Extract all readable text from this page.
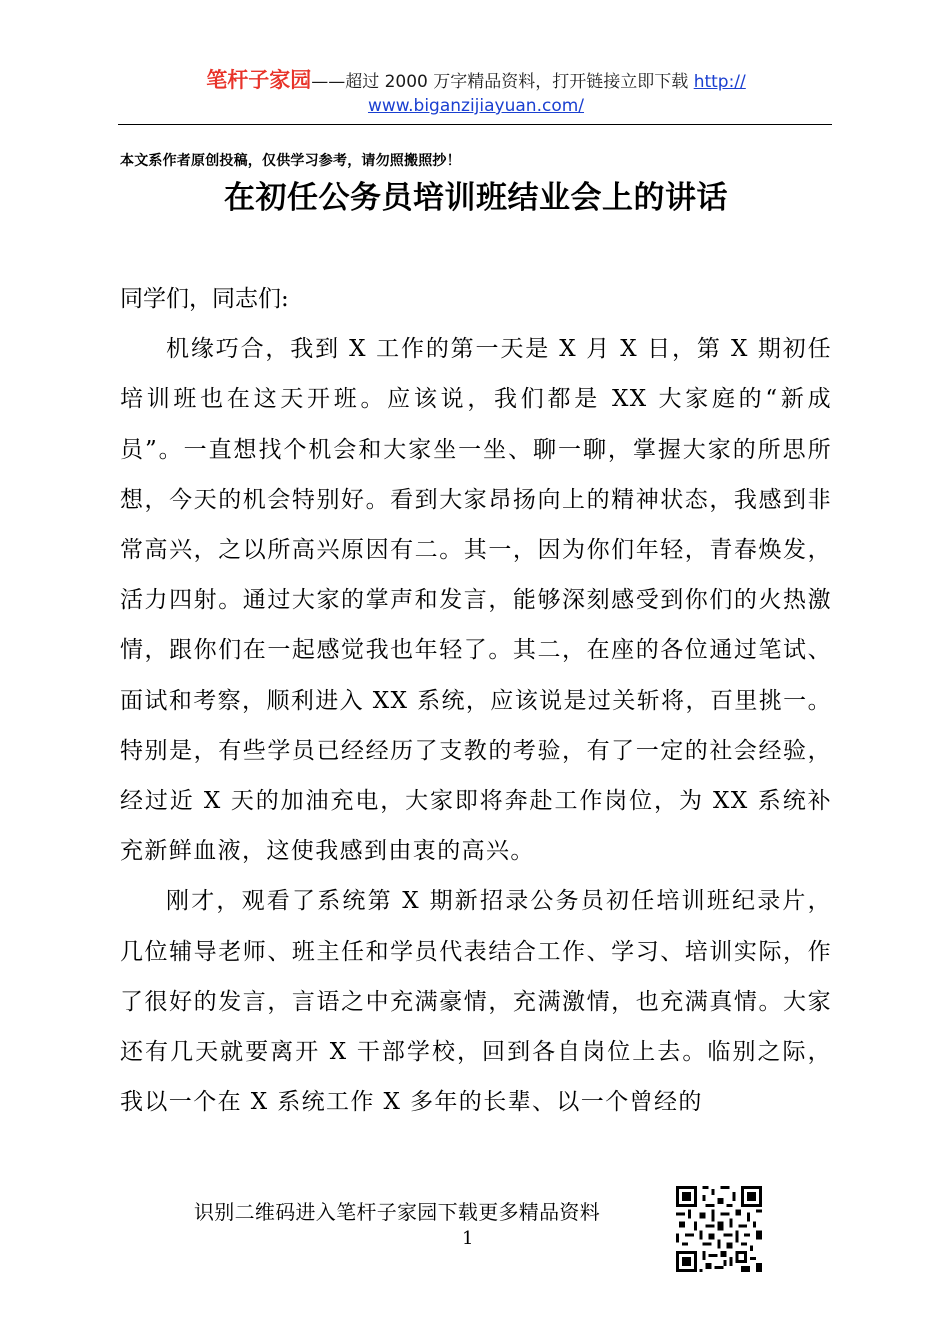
笔杆子家园——超过 2000 万字精品资料，打开链接立即下载 http://
www.biganzijiayuan.com/
本文系作者原创投稿，仅供学习参考，请勿照搬照抄！
在初任公务员培训班结业会上的讲话

同学们，同志们:

机缘巧合，我到 X 工作的第一天是 X 月 X 日，第 X 期初任培训班也在这天开班。应该说，我们都是 XX 大家庭的“新成员”。一直想找个机会和大家坐一坐、聊一聊，掌握大家的所思所想，今天的机会特别好。看到大家昂扬向上的精神状态，我感到非常高兴，之以所高兴原因有二。其一，因为你们年轻，青春焕发，活力四射。通过大家的掌声和发言，能够深刻感受到你们的火热激情，跟你们在一起感觉我也年轻了。其二，在座的各位通过笔试、面试和考察，顺利进入 XX 系统，应该说是过关斩将，百里挑一。特别是，有些学员已经经历了支教的考验，有了一定的社会经验，经过近 X 天的加油充电，大家即将奔赴工作岗位，为 XX 系统补充新鲜血液，这使我感到由衷的高兴。

刚才，观看了系统第 X 期新招录公务员初任培训班纪录片，几位辅导老师、班主任和学员代表结合工作、学习、培训实际，作了很好的发言，言语之中充满豪情，充满激情，也充满真情。大家还有几天就要离开 X 干部学校，回到各自岗位上去。临别之际，我以一个在 X 系统工作 X 多年的长辈、以一个曾经的

识别二维码进入笔杆子家园下载更多精品资料
1
